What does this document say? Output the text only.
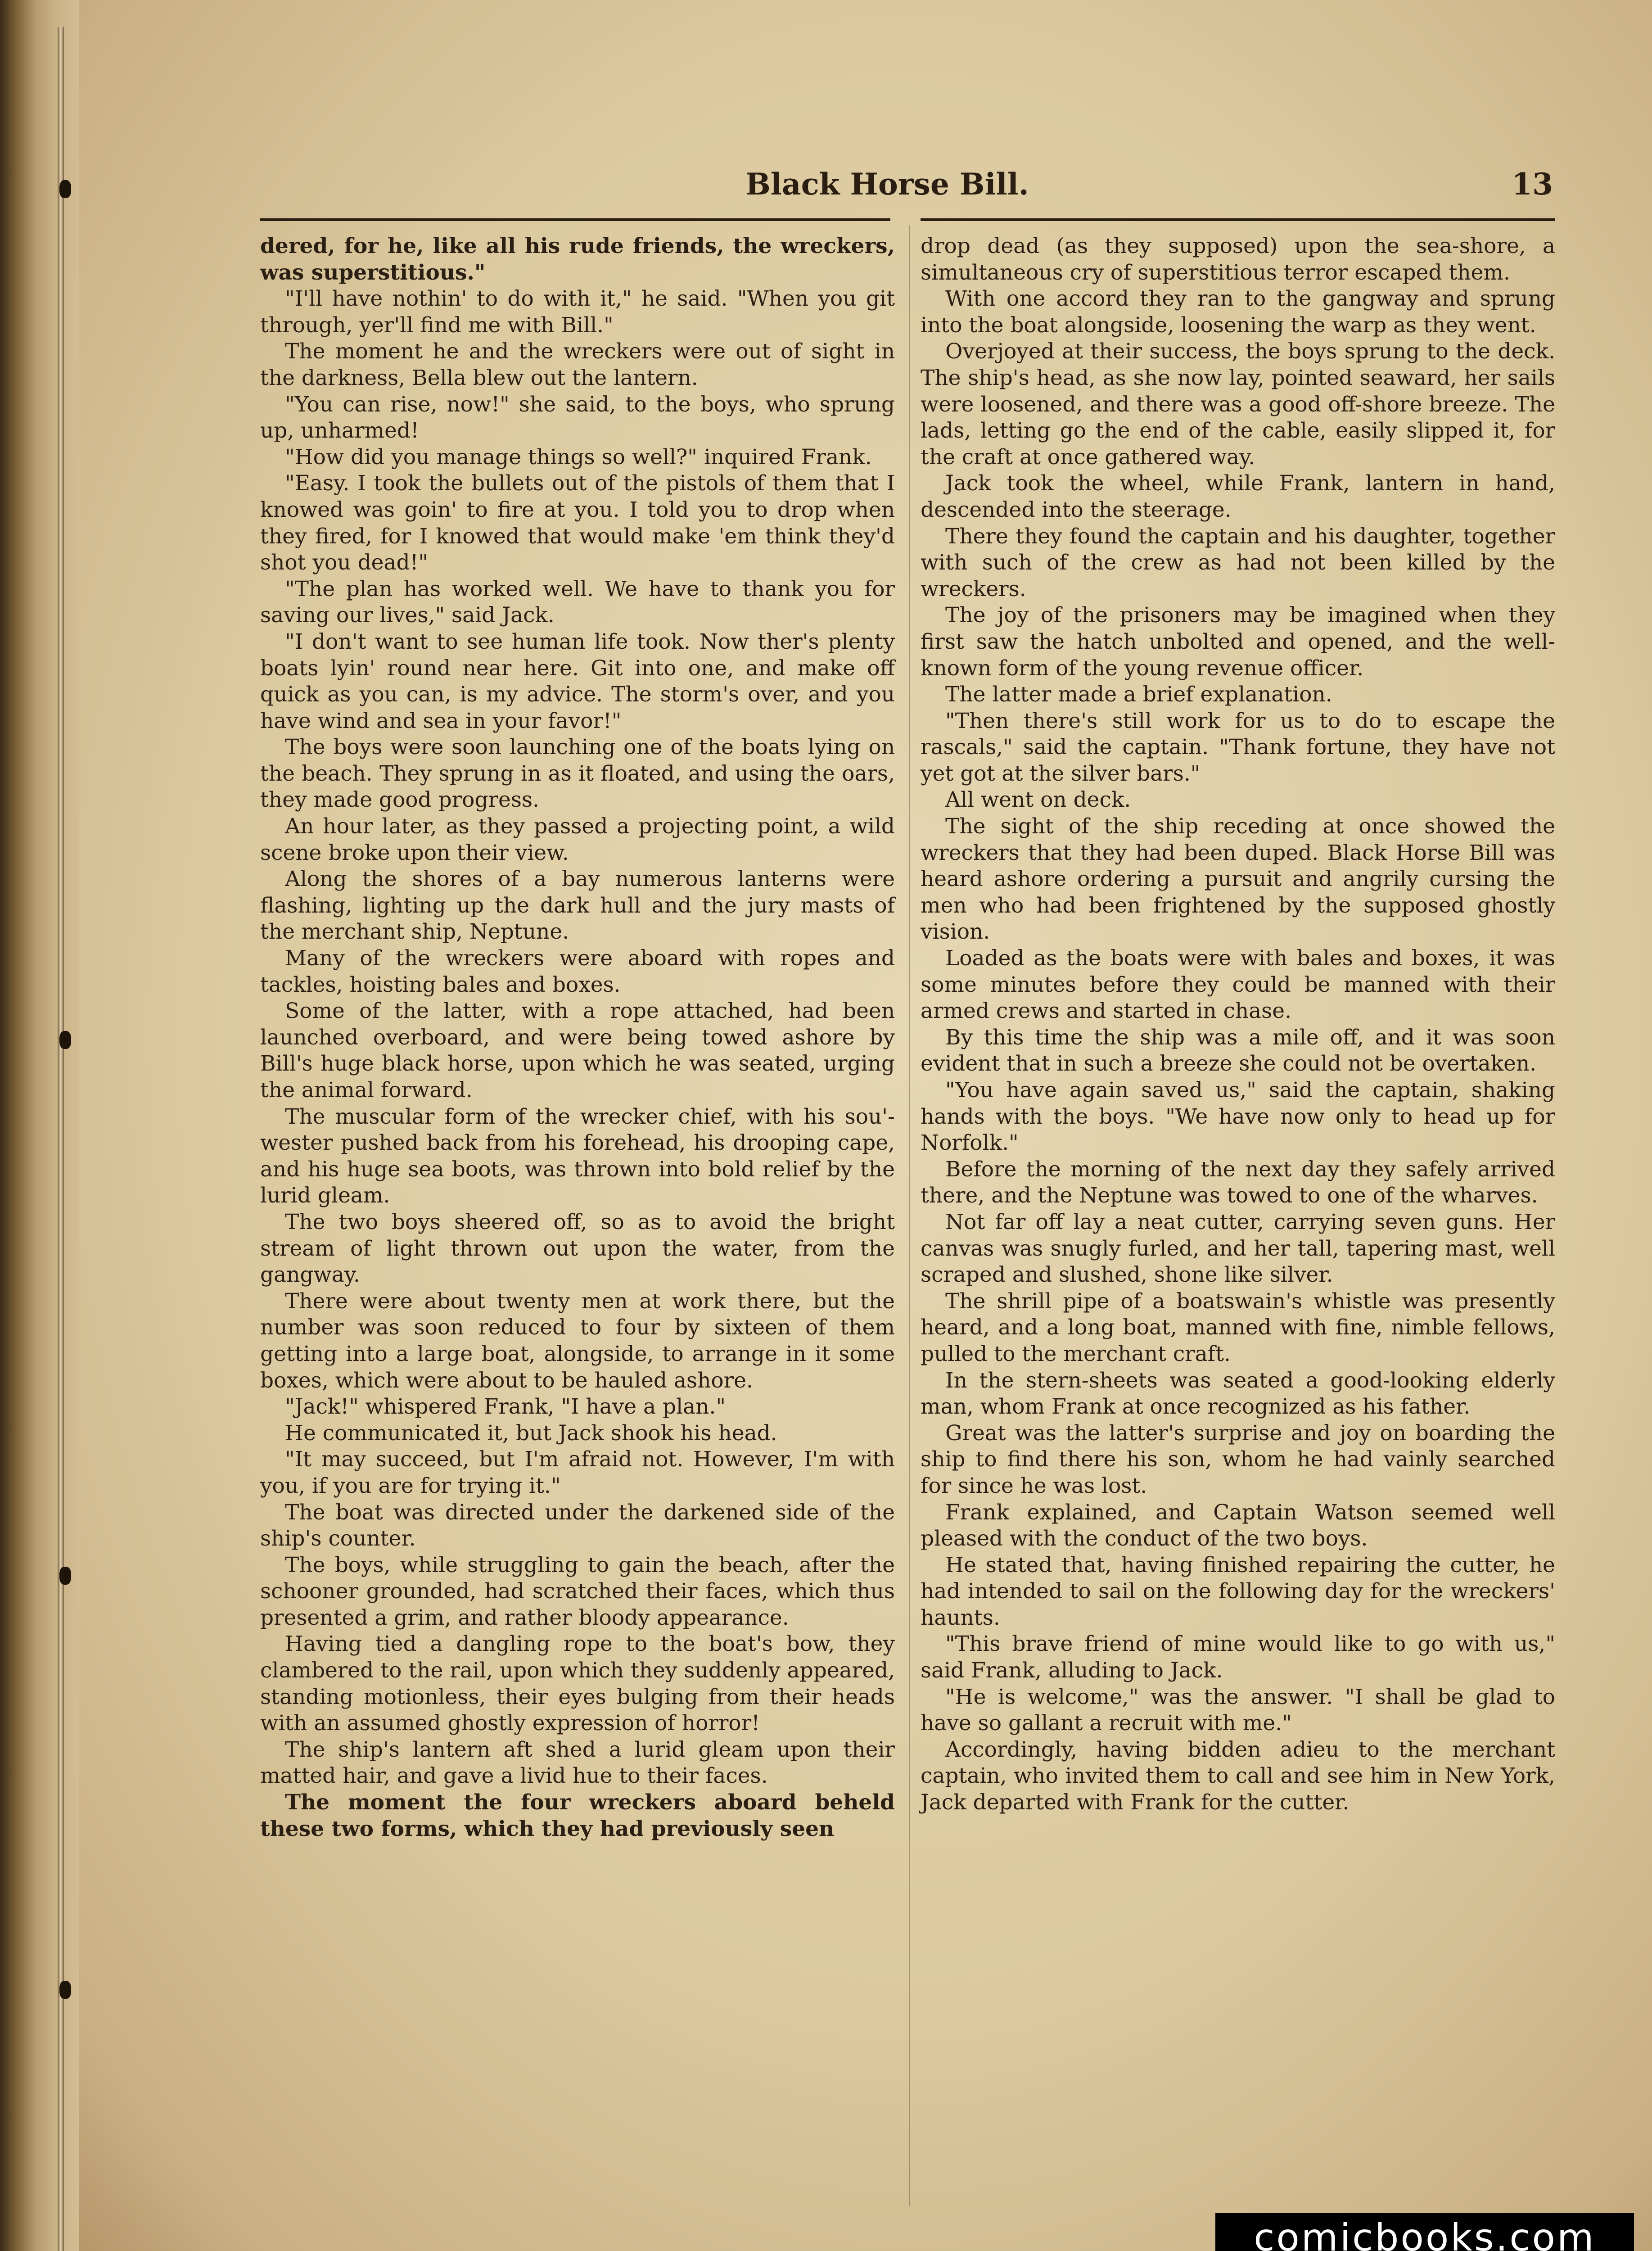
Black Horse Bill.	13

dered, for he, like all his rude friends, the wreckers, was superstitious."

"I'll have nothin' to do with it," he said. "When you git through, yer'll find me with Bill."

The moment he and the wreckers were out of sight in the darkness, Bella blew out the lantern.

"You can rise, now!" she said, to the boys, who sprung up, unharmed!

"How did you manage things so well?" inquired Frank.

"Easy. I took the bullets out of the pistols of them that I knowed was goin' to fire at you. I told you to drop when they fired, for I knowed that would make 'em think they'd shot you dead!"

"The plan has worked well. We have to thank you for saving our lives," said Jack.

"I don't want to see human life took. Now ther's plenty boats lyin' round near here. Git into one, and make off quick as you can, is my advice. The storm's over, and you have wind and sea in your favor!"

The boys were soon launching one of the boats lying on the beach. They sprung in as it floated, and using the oars, they made good progress.

An hour later, as they passed a projecting point, a wild scene broke upon their view.

Along the shores of a bay numerous lanterns were flashing, lighting up the dark hull and the jury masts of the merchant ship, Neptune.

Many of the wreckers were aboard with ropes and tackles, hoisting bales and boxes.

Some of the latter, with a rope attached, had been launched overboard, and were being towed ashore by Bill's huge black horse, upon which he was seated, urging the animal forward.

The muscular form of the wrecker chief, with his sou'-wester pushed back from his forehead, his drooping cape, and his huge sea boots, was thrown into bold relief by the lurid gleam.

The two boys sheered off, so as to avoid the bright stream of light thrown out upon the water, from the gangway.

There were about twenty men at work there, but the number was soon reduced to four by sixteen of them getting into a large boat, alongside, to arrange in it some boxes, which were about to be hauled ashore.

"Jack!" whispered Frank, "I have a plan."

He communicated it, but Jack shook his head.

"It may succeed, but I'm afraid not. However, I'm with you, if you are for trying it."

The boat was directed under the darkened side of the ship's counter.

The boys, while struggling to gain the beach, after the schooner grounded, had scratched their faces, which thus presented a grim, and rather bloody appearance.

Having tied a dangling rope to the boat's bow, they clambered to the rail, upon which they suddenly appeared, standing motionless, their eyes bulging from their heads with an assumed ghostly expression of horror!

The ship's lantern aft shed a lurid gleam upon their matted hair, and gave a livid hue to their faces.

The moment the four wreckers aboard beheld these two forms, which they had previously seen

drop dead (as they supposed) upon the sea-shore, a simultaneous cry of superstitious terror escaped them.

With one accord they ran to the gangway and sprung into the boat alongside, loosening the warp as they went.

Overjoyed at their success, the boys sprung to the deck. The ship's head, as she now lay, pointed seaward, her sails were loosened, and there was a good off-shore breeze. The lads, letting go the end of the cable, easily slipped it, for the craft at once gathered way.

Jack took the wheel, while Frank, lantern in hand, descended into the steerage.

There they found the captain and his daughter, together with such of the crew as had not been killed by the wreckers.

The joy of the prisoners may be imagined when they first saw the hatch unbolted and opened, and the well-known form of the young revenue officer.

The latter made a brief explanation.

"Then there's still work for us to do to escape the rascals," said the captain. "Thank fortune, they have not yet got at the silver bars."

All went on deck.

The sight of the ship receding at once showed the wreckers that they had been duped. Black Horse Bill was heard ashore ordering a pursuit and angrily cursing the men who had been frightened by the supposed ghostly vision.

Loaded as the boats were with bales and boxes, it was some minutes before they could be manned with their armed crews and started in chase.

By this time the ship was a mile off, and it was soon evident that in such a breeze she could not be overtaken.

"You have again saved us," said the captain, shaking hands with the boys. "We have now only to head up for Norfolk."

Before the morning of the next day they safely arrived there, and the Neptune was towed to one of the wharves.

Not far off lay a neat cutter, carrying seven guns. Her canvas was snugly furled, and her tall, tapering mast, well scraped and slushed, shone like silver.

The shrill pipe of a boatswain's whistle was presently heard, and a long boat, manned with fine, nimble fellows, pulled to the merchant craft.

In the stern-sheets was seated a good-looking elderly man, whom Frank at once recognized as his father.

Great was the latter's surprise and joy on boarding the ship to find there his son, whom he had vainly searched for since he was lost.

Frank explained, and Captain Watson seemed well pleased with the conduct of the two boys.

He stated that, having finished repairing the cutter, he had intended to sail on the following day for the wreckers' haunts.

"This brave friend of mine would like to go with us," said Frank, alluding to Jack.

"He is welcome," was the answer. "I shall be glad to have so gallant a recruit with me."

Accordingly, having bidden adieu to the merchant captain, who invited them to call and see him in New York, Jack departed with Frank for the cutter.

comicbooks.com
